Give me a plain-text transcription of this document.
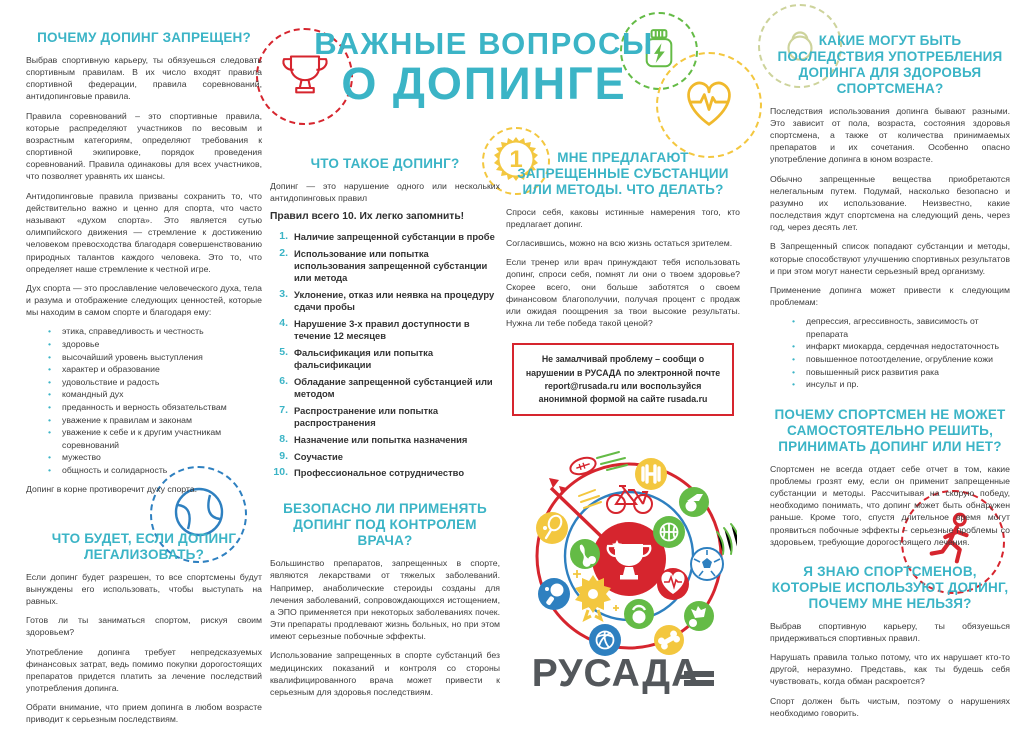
1
ВАЖНЫЕ ВОПРОСЫ
О ДОПИНГЕ
ПОЧЕМУ ДОПИНГ ЗАПРЕЩЕН?

Выбрав спортивную карьеру, ты обязуешься следовать спортивным правилам. В их число входят правила спортивной федерации, правила соревнований, антидопинговые правила.

Правила соревнований – это спортивные правила, которые распределяют участников по весовым и возрастным категориям, определяют требования к спортивной экипировке, порядок проведения соревнований. Правила одинаковы для всех участников, что позволяет уравнять их шансы.

Антидопинговые правила призваны сохранить то, что действительно важно и ценно для спорта, что часто называют «духом спорта». Это является сутью олимпийского движения — стремление к достижению человеком превосходства благодаря совершенствованию природных талантов каждого человека. Это то, что определяет наше стремление к честной игре.

Дух спорта — это прославление человеческого духа, тела и разума и отображение следующих ценностей, которые мы находим в самом спорте и благодаря ему:

• этика, справедливость и честность
• здоровье
• высочайший уровень выступления
• характер и образование
• удовольствие и радость
• командный дух
• преданность и верность обязательствам
• уважение к правилам и законам
• уважение к себе и к другим участникам соревнований
• мужество
• общность и солидарность

Допинг в корне противоречит духу спорта.

ЧТО БУДЕТ, ЕСЛИ ДОПИНГ ЛЕГАЛИЗОВАТЬ?

Если допинг будет разрешен, то все спортсмены будут вынуждены его использовать, чтобы выступать на равных.

Готов ли ты заниматься спортом, рискуя своим здоровьем?

Употребление допинга требует непредсказуемых финансовых затрат, ведь помимо покупки дорогостоящих препаратов придется платить за лечение последствий употребления допинга.

Обрати внимание, что прием допинга в любом возрасте приводит к серьезным последствиям.

ЧТО ТАКОЕ ДОПИНГ?

Допинг — это нарушение одного или нескольких антидопинговых правил

Правил всего 10. Их легко запомнить!
1. Наличие запрещенной субстанции в пробе
2. Использование или попытка использования запрещенной субстанции или метода
3. Уклонение, отказ или неявка на процедуру сдачи пробы
4. Нарушение 3-х правил доступности в течение 12 месяцев
5. Фальсификация или попытка фальсификации
6. Обладание запрещенной субстанцией или методом
7. Распространение или попытка распространения
8. Назначение или попытка назначения
9. Соучастие
10. Профессиональное сотрудничество
БЕЗОПАСНО ЛИ ПРИМЕНЯТЬ ДОПИНГ ПОД КОНТРОЛЕМ ВРАЧА?

Большинство препаратов, запрещенных в спорте, являются лекарствами от тяжелых заболеваний. Например, анаболические стероиды созданы для лечения заболеваний, сопровождающихся истощением, а ЭПО применяется при некоторых заболеваниях почек. Эти препараты продлевают жизнь больных, но при этом имеют серьезные побочные эффекты.

Использование запрещенных в спорте субстанций без медицинских показаний и контроля со стороны квалифицированного врача может привести к серьезным для здоровья последствиям.

МНЕ ПРЕДЛАГАЮТ ЗАПРЕЩЕННЫЕ СУБСТАНЦИИ ИЛИ МЕТОДЫ. ЧТО ДЕЛАТЬ?

Спроси себя, каковы истинные намерения того, кто предлагает допинг.

Согласившись, можно на всю жизнь остаться зрителем.

Если тренер или врач принуждают тебя использовать допинг, спроси себя, помнят ли они о твоем здоровье? Скорее всего, они больше заботятся о своем финансовом благополучии, получая процент с продаж или ожидая поощрения за твои высокие результаты. Нужна ли тебе победа такой ценой?

Не замалчивай проблему – сообщи о нарушении в РУСАДА по электронной почте report@rusada.ru или воспользуйся анонимной формой на сайте rusada.ru
РУСАДА
КАКИЕ МОГУТ БЫТЬ ПОСЛЕДСТВИЯ УПОТРЕБЛЕНИЯ ДОПИНГА ДЛЯ ЗДОРОВЬЯ СПОРТСМЕНА?

Последствия использования допинга бывают разными. Это зависит от пола, возраста, состояния здоровья спортсмена, а также от количества принимаемых препаратов и их сочетания. Особенно опасно употребление допинга в юном возрасте.

Обычно запрещенные вещества приобретаются нелегальным путем. Подумай, насколько безопасно и разумно их использование. Неизвестно, какие последствия ждут спортсмена на следующий день, через год, через десять лет.

В Запрещенный список попадают субстанции и методы, которые способствуют улучшению спортивных результатов и при этом могут нанести серьезный вред организму.

Применение допинга может привести к следующим проблемам:

• депрессия, агрессивность, зависимость от препарата
• инфаркт миокарда, сердечная недостаточность
• повышенное потоотделение, огрубление кожи
• повышенный риск развития рака
• инсульт и пр.
ПОЧЕМУ СПОРТСМЕН НЕ МОЖЕТ САМОСТОЯТЕЛЬНО РЕШИТЬ, ПРИНИМАТЬ ДОПИНГ ИЛИ НЕТ?

Спортсмен не всегда отдает себе отчет в том, какие проблемы грозят ему, если он применит запрещенные субстанции и методы. Рассчитывая на скорую победу, необходимо понимать, что допинг может быть обнаружен раньше. Кроме того, спустя длительное время могут проявиться побочные эффекты – серьезные проблемы со здоровьем, требующие дорогостоящего лечения.

Я ЗНАЮ СПОРТСМЕНОВ, КОТОРЫЕ ИСПОЛЬЗУЮТ ДОПИНГ, ПОЧЕМУ МНЕ НЕЛЬЗЯ?

Выбрав спортивную карьеру, ты обязуешься придерживаться спортивных правил.

Нарушать правила только потому, что их нарушает кто-то другой, неразумно. Представь, как ты будешь себя чувствовать, когда обман раскроется?

Спорт должен быть чистым, поэтому о нарушениях необходимо говорить.
